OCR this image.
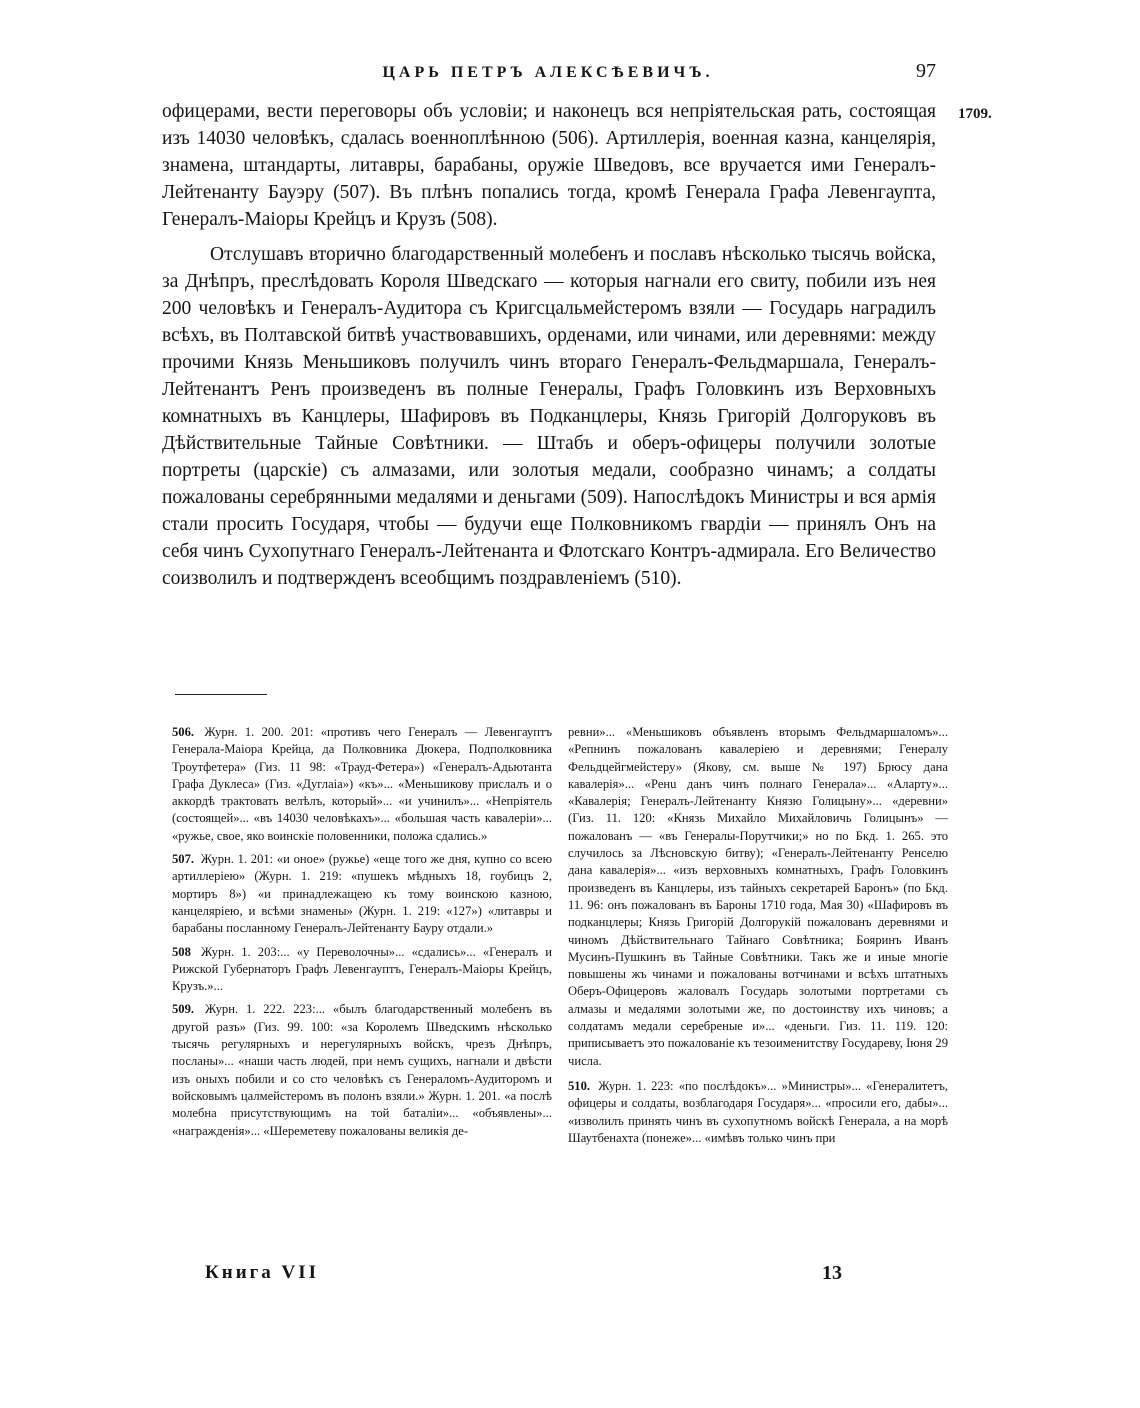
ЦАРЬ ПЕТРЪ АЛЕКСѢЕВИЧЪ.	97
1709.

офицерами, вести переговоры объ условіи; и наконецъ вся непріятельская рать, состоящая изъ 14030 человѣкъ, сдалась военноплѣнною (506). Артиллерія, военная казна, канцелярія, знамена, штандарты, литавры, барабаны, оружіе Шведовъ, все вручается ими Генералъ-Лейтенанту Бауэру (507). Въ плѣнъ попались тогда, кромѣ Генерала Графа Левенгаупта, Генералъ-Маіоры Крейцъ и Крузъ (508).

Отслушавъ вторично благодарственный молебенъ и пославъ нѣсколько тысячь войска, за Днѣпръ, преслѣдовать Короля Шведскаго — которыя нагнали его свиту, побили изъ нея 200 человѣкъ и Генералъ-Аудитора съ Кригсцальмейстеромъ взяли — Государь наградилъ всѣхъ, въ Полтавской битвѣ участвовавшихъ, орденами, или чинами, или деревнями: между прочими Князь Меньшиковъ получилъ чинъ втораго Генералъ-Фельдмаршала, Генералъ-Лейтенантъ Ренъ произведенъ въ полные Генералы, Графъ Головкинъ изъ Верховныхъ комнатныхъ въ Канцлеры, Шафировъ въ Подканцлеры, Князь Григорій Долгоруковъ въ Дѣйствительные Тайные Совѣтники. — Штабъ и оберъ-офицеры получили золотые портреты (царскіе) съ алмазами, или золотыя медали, сообразно чинамъ; а солдаты пожалованы серебрянными медалями и деньгами (509). Напослѣдокъ Министры и вся армія стали просить Государя, чтобы — будучи еще Полковникомъ гвардіи — принялъ Онъ на себя чинъ Сухопутнаго Генералъ-Лейтенанта и Флотскаго Контръ-адмирала. Его Величество соизволилъ и подтвержденъ всеобщимъ поздравленіемъ (510).

506. Журн. 1. 200. 201: «противъ чего Генералъ — Левенгауптъ Генерала-Маіора Крейца, да Полковника Дюкера, Подполковника Троутфетера» (Гиз. 11 98: «Трауд-Фетера») «Генералъ-Адьютанта Графа Дуклеса» (Гиз. «Дуглаіа») «къ»... «Меньшикову прислалъ и о аккордѣ трактовать велѣлъ, который»... «и учинилъ»... «Непріятель (состоящей»... «въ 14030 человѣкахъ»... «большая часть кавалеріи»... «ружье, свое, яко воинскіе половенники, положа сдались.»

507. Журн. 1. 201: «и оное» (ружье) «еще того же дня, купно со всею артиллеріею» (Журн. 1. 219: «пушекъ мѣдныхъ 18, гоубицъ 2, мортиръ 8») «и принадлежащею къ тому воинскою казною, канцеляріею, и всѣми знамены» (Журн. 1. 219: «127») «литавры и барабаны посланному Генералъ-Лейтенанту Бауру отдали.»

508 Журн. 1. 203:... «у Переволочны»... «сдались»... «Генералъ и Рижской Губернаторъ Графъ Левенгауптъ, Генералъ-Маіоры Крейцъ, Крузъ.»...

509. Журн. 1. 222. 223:... «былъ благодарственный молебенъ въ другой разъ» (Гиз. 99. 100: «за Королемъ Шведскимъ нѣсколько тысячь регулярныхъ и нерегулярныхъ войскъ, чрезъ Днѣпръ, посланы»... «наши часть людей, при немъ сущихъ, нагнали и двѣсти изъ оныхъ побили и со сто человѣкъ съ Генераломъ-Аудиторомъ и войсковымъ цалмейстеромъ въ полонъ взяли.» Журн. 1. 201. «а послѣ молебна присутствующимъ на той баталіи»... «объявлены»... «награжденія»... «Шереметеву пожалованы великія де-

ревни»... «Меньшиковъ объявленъ вторымъ Фельдмаршаломъ»... «Репнинъ пожалованъ кавалеріею и деревнями; Генералу Фельдцейгмейстеру» (Якову, см. выше № 197) Брюсу дана кавалерія»... «Ренu данъ чинъ полнаго Генерала»... «Аларту»... «Кавалерія; Генералъ-Лейтенанту Князю Голицыну»... «деревни» (Гиз. 11. 120: «Князь Михайло Михайловичь Голицынъ» — пожалованъ — «въ Генералы-Порутчики;» но по Бкд. 1. 265. это случилось за Лѣсновскую битву); «Генералъ-Лейтенанту Ренселю дана кавалерія»... «изъ верховныхъ комнатныхъ, Графъ Головкинъ произведенъ въ Канцлеры, изъ тайныхъ секретарей Баронъ» (по Бкд. 11. 96: онъ пожалованъ въ Бароны 1710 года, Мая 30) «Шафировъ въ подканцлеры; Князь Григорій Долгорукій пожалованъ деревнями и чиномъ Дѣйствительнаго Тайнаго Совѣтника; Бояринъ Иванъ Мусинъ-Пушкинъ въ Тайные Совѣтники. Такъ же и иные многіе повышены жъ чинами и пожалованы вотчинами и всѣхъ штатныхъ Оберъ-Офицеровъ жаловалъ Государь золотыми портретами съ алмазы и медалями золотыми же, по достоинству ихъ чиновъ; а солдатамъ медали серебреные и»... «деньги. Гиз. 11. 119. 120: приписываетъ это пожалованіе къ тезоименитству Государеву, Іюня 29 числа.

510. Журн. 1. 223: «по послѣдокъ»... »Министры»... «Генералитетъ, офицеры и солдаты, возблагодаря Государя»... «просили его, дабы»... «изволилъ принять чинъ въ сухопутномъ войскѣ Генерала, а на морѣ Шаутбенахта (понеже»... «имѣвъ только чинъ при

Книга VII	13
